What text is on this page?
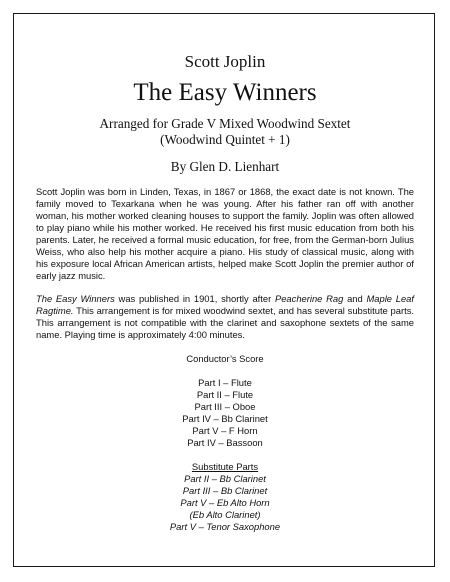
Scott Joplin

The Easy Winners

Arranged for Grade V Mixed Woodwind Sextet
(Woodwind Quintet + 1)

By Glen D. Lienhart

Scott Joplin was born in Linden, Texas, in 1867 or 1868, the exact date is not known. The family moved to Texarkana when he was young. After his father ran off with another woman, his mother worked cleaning houses to support the family. Joplin was often allowed to play piano while his mother worked. He received his first music education from both his parents. Later, he received a formal music education, for free, from the German-born Julius Weiss, who also help his mother acquire a piano. His study of classical music, along with his exposure local African American artists, helped make Scott Joplin the premier author of early jazz music.

The Easy Winners was published in 1901, shortly after Peacherine Rag and Maple Leaf Ragtime. This arrangement is for mixed woodwind sextet, and has several substitute parts. This arrangement is not compatible with the clarinet and saxophone sextets of the same name. Playing time is approximately 4:00 minutes.

Conductor’s Score
Part I – Flute
Part II – Flute
Part III – Oboe
Part IV – Bb Clarinet
Part V – F Horn
Part IV – Bassoon
Substitute Parts
Part II – Bb Clarinet
Part III – Bb Clarinet
Part V – Eb Alto Horn
(Eb Alto Clarinet)
Part V – Tenor Saxophone
